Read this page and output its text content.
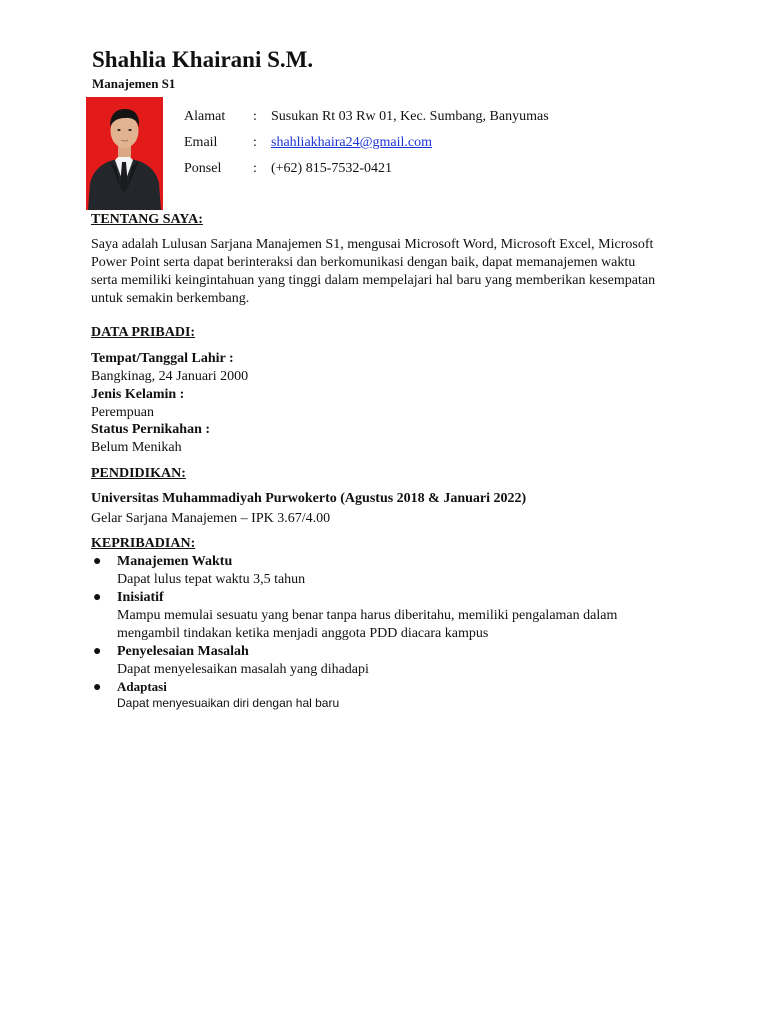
Shahlia Khairani S.M.
Manajemen S1
Alamat : Susukan Rt 03 Rw 01, Kec. Sumbang, Banyumas
Email	: shahliakhaira24@gmail.com
Ponsel : (+62) 815-7532-0421
TENTANG SAYA:
Saya adalah Lulusan Sarjana Manajemen S1, mengusai Microsoft Word, Microsoft Excel, Microsoft Power Point serta dapat berinteraksi dan berkomunikasi dengan baik, dapat memanajemen waktu serta memiliki keingintahuan yang tinggi dalam mempelajari hal baru yang memberikan kesempatan untuk semakin berkembang.
DATA PRIBADI:
Tempat/Tanggal Lahir :
Bangkinag, 24 Januari 2000
Jenis Kelamin :
Perempuan
Status Pernikahan :
Belum Menikah
PENDIDIKAN:
Universitas Muhammadiyah Purwokerto (Agustus 2018 & Januari 2022)
Gelar Sarjana Manajemen – IPK 3.67/4.00
KEPRIBADIAN:
● Manajemen Waktu
Dapat lulus tepat waktu 3,5 tahun
● Inisiatif
Mampu memulai sesuatu yang benar tanpa harus diberitahu, memiliki pengalaman dalam mengambil tindakan ketika menjadi anggota PDD diacara kampus
● Penyelesaian Masalah
Dapat menyelesaikan masalah yang dihadapi
● Adaptasi
Dapat menyesuaikan diri dengan hal baru
